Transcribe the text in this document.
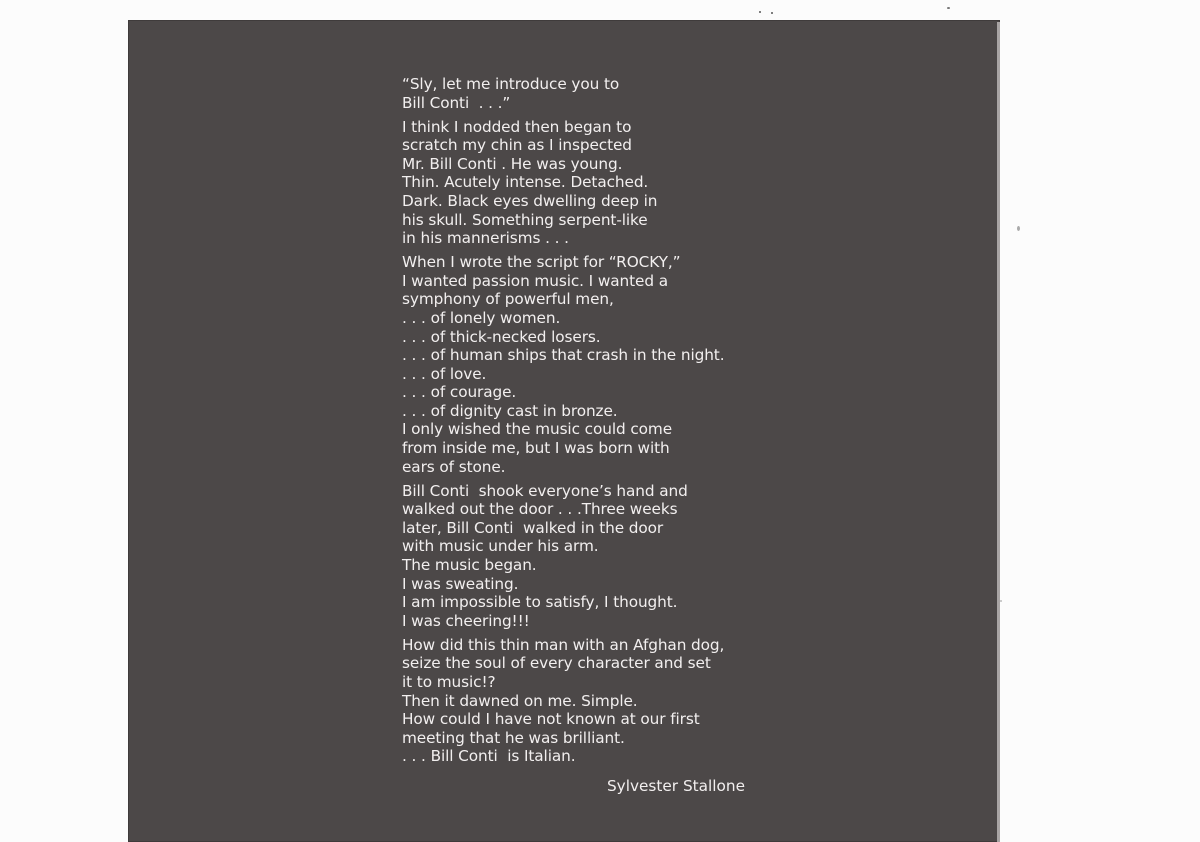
“Sly, let me introduce you to
Bill Conti  . . .”
I think I nodded then began to
scratch my chin as I inspected
Mr. Bill Conti . He was young.
Thin. Acutely intense. Detached.
Dark. Black eyes dwelling deep in
his skull. Something serpent-like
in his mannerisms . . .
When I wrote the script for “ROCKY,”
I wanted passion music. I wanted a
symphony of powerful men,
. . . of lonely women.
. . . of thick-necked losers.
. . . of human ships that crash in the night.
. . . of love.
. . . of courage.
. . . of dignity cast in bronze.
I only wished the music could come
from inside me, but I was born with
ears of stone.
Bill Conti  shook everyone’s hand and
walked out the door . . .Three weeks
later, Bill Conti  walked in the door
with music under his arm.
The music began.
I was sweating.
I am impossible to satisfy, I thought.
I was cheering!!!
How did this thin man with an Afghan dog,
seize the soul of every character and set
it to music!?
Then it dawned on me. Simple.
How could I have not known at our first
meeting that he was brilliant.
. . . Bill Conti  is Italian.
Sylvester Stallone
